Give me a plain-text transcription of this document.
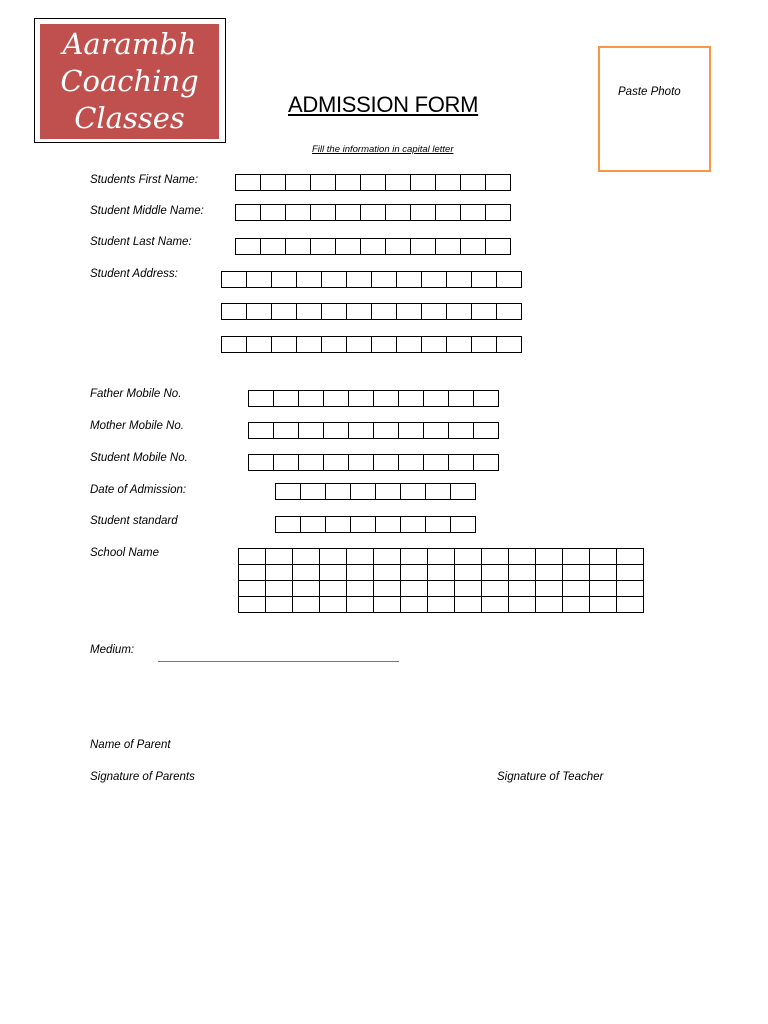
Aarambh
Coaching
Classes	ADMISSION FORM
Fill the information in capital letter
Paste Photo
Students First Name:
Student Middle Name:
Student Last Name:
Student Address:
Father Mobile No.
Mother Mobile No.
Student Mobile No.
Date of Admission:
Student standard
School Name
Medium:
Name of Parent
Signature of Parents	Signature of Teacher
